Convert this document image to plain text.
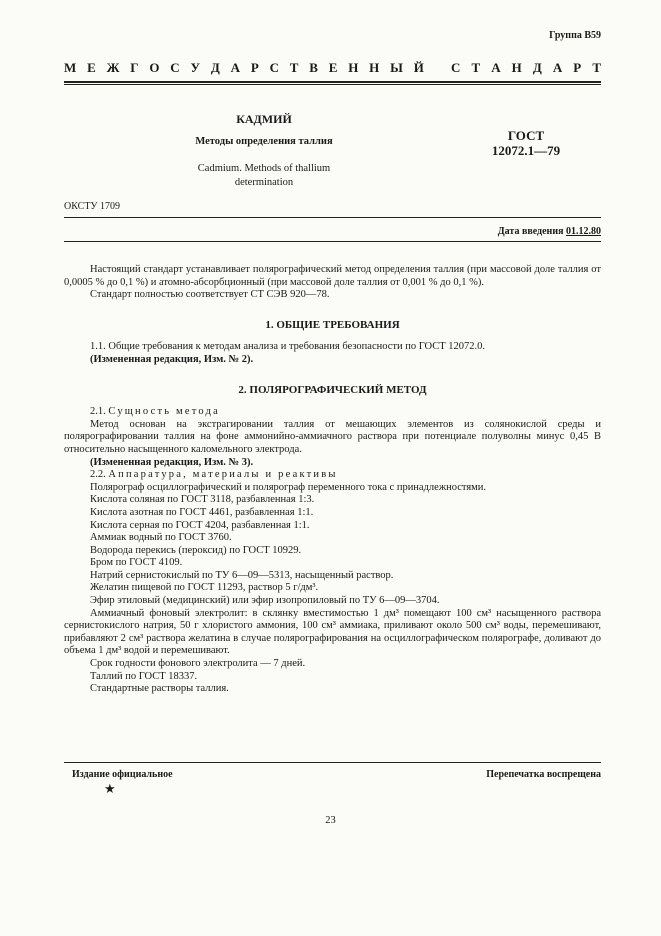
Группа В59
М Е Ж Г О С У Д А Р С Т В Е Н Н Ы Й С Т А Н Д А Р Т
КАДМИЙ
Методы определения таллия
Cadmium. Methods of thallium
determination
ГОСТ
12072.1—79
ОКСТУ 1709
Дата введения 01.12.80

Настоящий стандарт устанавливает полярографический метод определения таллия (при массовой доле таллия от 0,0005 % до 0,1 %) и атомно-абсорбционный (при массовой доле таллия от 0,001 % до 0,1 %).

Стандарт полностью соответствует СТ СЭВ 920—78.

1. ОБЩИЕ ТРЕБОВАНИЯ

1.1. Общие требования к методам анализа и требования безопасности по ГОСТ 12072.0.

(Измененная редакция, Изм. № 2).

2. ПОЛЯРОГРАФИЧЕСКИЙ МЕТОД

2.1. Сущность метода

Метод основан на экстрагировании таллия от мешающих элементов из солянокислой среды и полярографировании таллия на фоне аммонийно-аммиачного раствора при потенциале полуволны минус 0,45 В относительно насыщенного каломельного электрода.

(Измененная редакция, Изм. № 3).

2.2. Аппаратура, материалы и реактивы

Полярограф осциллографический и полярограф переменного тока с принадлежностями.

Кислота соляная по ГОСТ 3118, разбавленная 1:3.

Кислота азотная по ГОСТ 4461, разбавленная 1:1.

Кислота серная по ГОСТ 4204, разбавленная 1:1.

Аммиак водный по ГОСТ 3760.

Водорода перекись (пероксид) по ГОСТ 10929.

Бром по ГОСТ 4109.

Натрий сернистокислый по ТУ 6—09—5313, насыщенный раствор.

Желатин пищевой по ГОСТ 11293, раствор 5 г/дм³.

Эфир этиловый (медицинский) или эфир изопропиловый по ТУ 6—09—3704.

Аммиачный фоновый электролит: в склянку вместимостью 1 дм³ помещают 100 см³ насыщенного раствора сернистокислого натрия, 50 г хлористого аммония, 100 см³ аммиака, приливают около 500 см³ воды, перемешивают, прибавляют 2 см³ раствора желатина в случае полярографирования на осциллографическом полярографе, доливают до объема 1 дм³ водой и перемешивают.

Срок годности фонового электролита — 7 дней.

Таллий по ГОСТ 18337.

Стандартные растворы таллия.

Издание официальное	Перепечатка воспрещена
★
23
